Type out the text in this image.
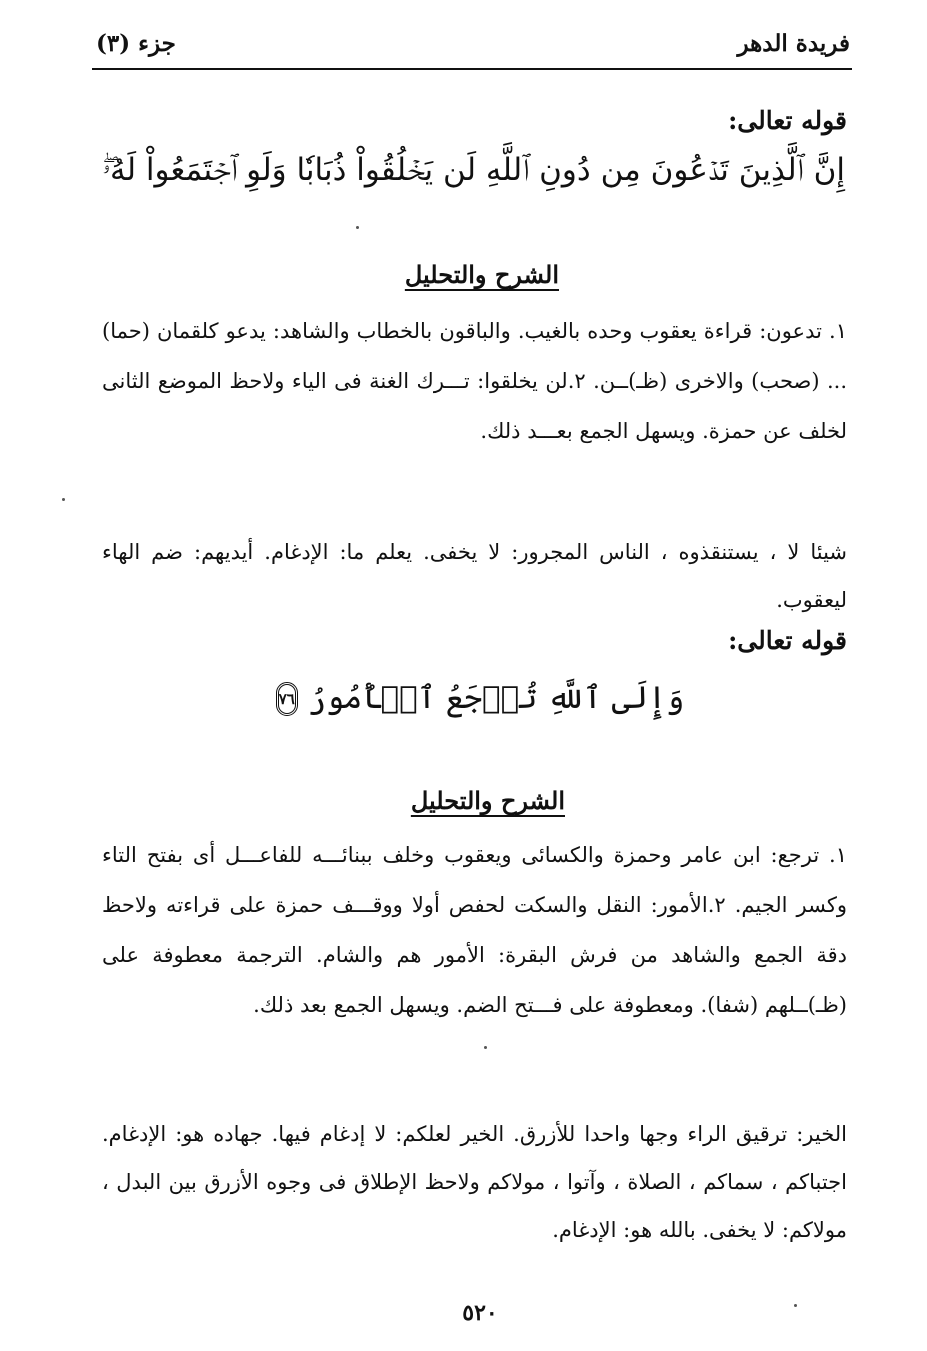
فريدة الدهر
جزء (٣)
قوله تعالى:
إِنَّ ٱلَّذِينَ تَدۡعُونَ مِن دُونِ ٱللَّهِ لَن يَخۡلُقُواْ ذُبَابٗا وَلَوِ ٱجۡتَمَعُواْ لَهُۥۖ
الشرح والتحليل
١. تدعون: قراءة يعقوب وحده بالغيب. والباقون بالخطاب والشاهد: يدعو كلقمان (حما) ... (صحب) والاخرى (ظـ)ــن. ٢.لن يخلقوا: تـــرك الغنة فى الياء ولاحظ الموضع الثانى لخلف عن حمزة. ويسهل الجمع بعـــد ذلك.
شيئا لا ، يستنقذوه ، الناس المجرور: لا يخفى. يعلم ما: الإدغام. أيديهم: ضم الهاء ليعقوب.
قوله تعالى:
وَإِلَى ٱللَّهِ تُرۡجَعُ ٱلۡأُمُورُ
٧٦
الشرح والتحليل
١. ترجع: ابن عامر وحمزة والكسائى ويعقوب وخلف ببنائـــه للفاعـــل أى بفتح التاء وكسر الجيم. ٢.الأمور: النقل والسكت لحفص أولا ووقـــف حمزة على قراءته ولاحظ دقة الجمع والشاهد من فرش البقرة: الأمور هم والشام. الترجمة معطوفة على (ظـ)ــلهم (شفا). ومعطوفة على فـــتح الضم. ويسهل الجمع بعد ذلك.
الخير: ترقيق الراء وجها واحدا للأزرق. الخير لعلكم: لا إدغام فيها. جهاده هو: الإدغام. اجتباكم ، سماكم ، الصلاة ، وآتوا ، مولاكم ولاحظ الإطلاق فى وجوه الأزرق بين البدل ، مولاكم: لا يخفى. بالله هو: الإدغام.
٥٢٠
